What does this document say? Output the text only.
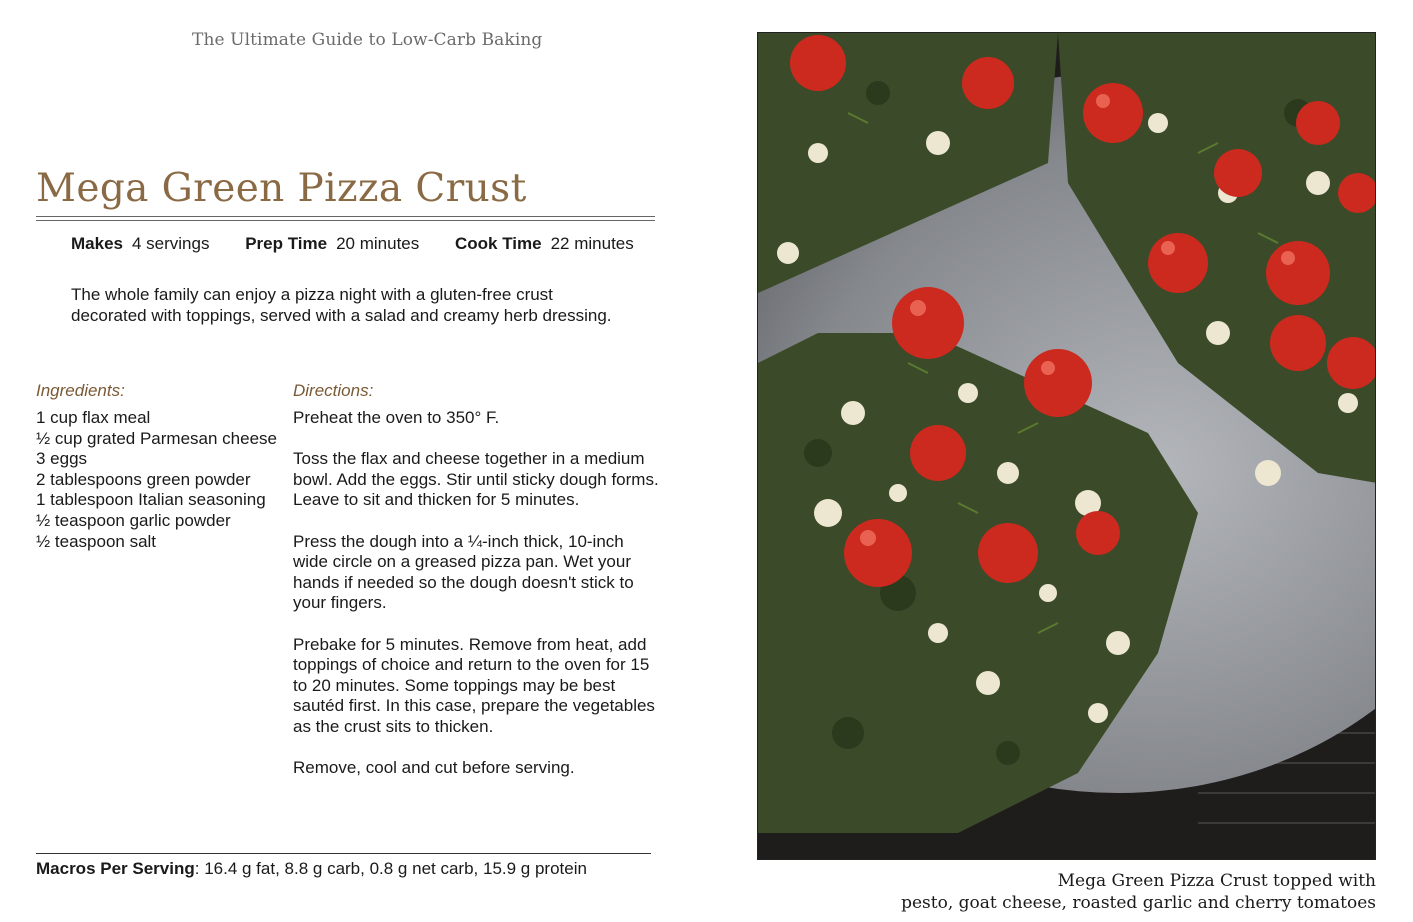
The Ultimate Guide to Low-Carb Baking
Mega Green Pizza Crust
Makes 4 servings Prep Time 20 minutes Cook Time 22 minutes
The whole family can enjoy a pizza night with a gluten-free crust decorated with toppings, served with a salad and creamy herb dressing.
Ingredients:	Directions:
1 cup flax meal
½ cup grated Parmesan cheese
3 eggs
2 tablespoons green powder
1 tablespoon Italian seasoning
½ teaspoon garlic powder
½ teaspoon salt

Preheat the oven to 350° F.

Toss the flax and cheese together in a medium bowl. Add the eggs. Stir until sticky dough forms. Leave to sit and thicken for 5 minutes.

Press the dough into a ¼-inch thick, 10-inch wide circle on a greased pizza pan. Wet your hands if needed so the dough doesn't stick to your fingers.

Prebake for 5 minutes. Remove from heat, add toppings of choice and return to the oven for 15 to 20 minutes. Some toppings may be best sautéd first. In this case, prepare the vegetables as the crust sits to thicken.

Remove, cool and cut before serving.

Macros Per Serving: 16.4 g fat, 8.8 g carb, 0.8 g net carb, 15.9 g protein
Mega Green Pizza Crust topped with
pesto, goat cheese, roasted garlic and cherry tomatoes
